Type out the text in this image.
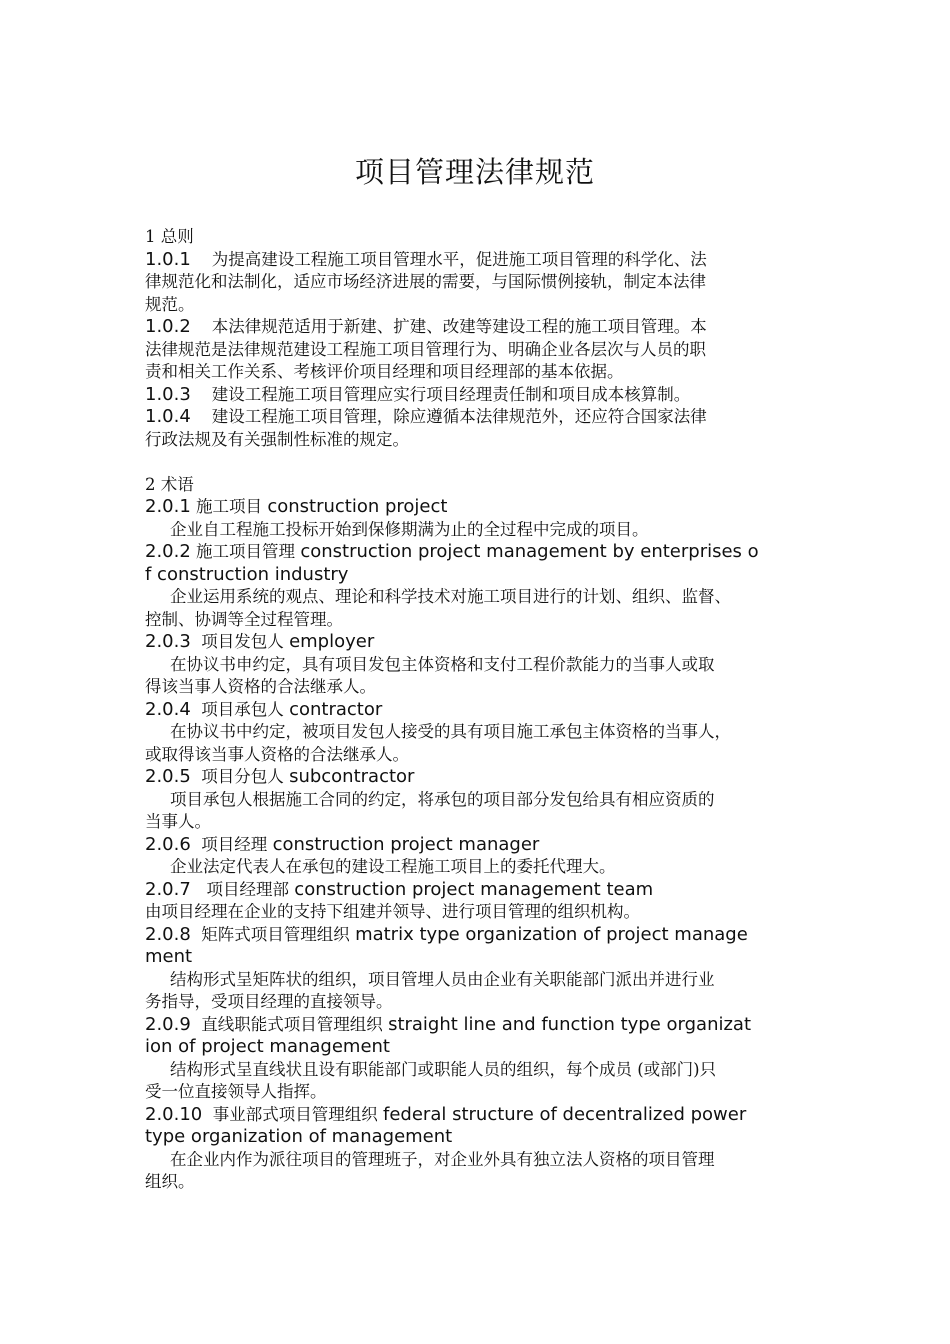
项目管理法律规范
1 总则
1.0.1    为提高建设工程施工项目管理水平，促进施工项目管理的科学化、法
律规范化和法制化，适应市场经济进展的需要，与国际惯例接轨，制定本法律
规范。
1.0.2    本法律规范适用于新建、扩建、改建等建设工程的施工项目管理。本
法律规范是法律规范建设工程施工项目管理行为、明确企业各层次与人员的职
责和相关工作关系、考核评价项目经理和项目经理部的基本依据。
1.0.3    建设工程施工项目管理应实行项目经理责任制和项目成本核算制。
1.0.4    建设工程施工项目管理，除应遵循本法律规范外，还应符合国家法律
行政法规及有关强制性标准的规定。
2 术语
2.0.1 施工项目 construction project
企业自工程施工投标开始到保修期满为止的全过程中完成的项目。
2.0.2 施工项目管理 construction project management by enterprises o
f construction industry
企业运用系统的观点、理论和科学技术对施工项目进行的计划、组织、监督、
控制、协调等全过程管理。
2.0.3  项目发包人 employer
在协议书申约定，具有项目发包主体资格和支付工程价款能力的当事人或取
得该当事人资格的合法继承人。
2.0.4  项目承包人 contractor
在协议书中约定，被项目发包人接受的具有项目施工承包主体资格的当事人，
或取得该当事人资格的合法继承人。
2.0.5  项目分包人 subcontractor
项目承包人根据施工合同的约定，将承包的项目部分发包给具有相应资质的
当事人。
2.0.6  项目经理 construction project manager
企业法定代表人在承包的建设工程施工项目上的委托代理大。
2.0.7   项目经理部 construction project management team
由项目经理在企业的支持下组建并领导、进行项目管理的组织机构。
2.0.8  矩阵式项目管理组织 matrix type organization of project manage
ment
结构形式呈矩阵状的组织，项目管埋人员由企业有关职能部门派出并进行业
务指导，受项目经理的直接领导。
2.0.9  直线职能式项目管理组织 straight line and function type organizat
ion of project management
结构形式呈直线状且设有职能部门或职能人员的组织，每个成员 (或部门)只
受一位直接领导人指挥。
2.0.10  事业部式项目管理组织 federal structure of decentralized power
type organization of management
在企业内作为派往项目的管理班子，对企业外具有独立法人资格的项目管理
组织。
